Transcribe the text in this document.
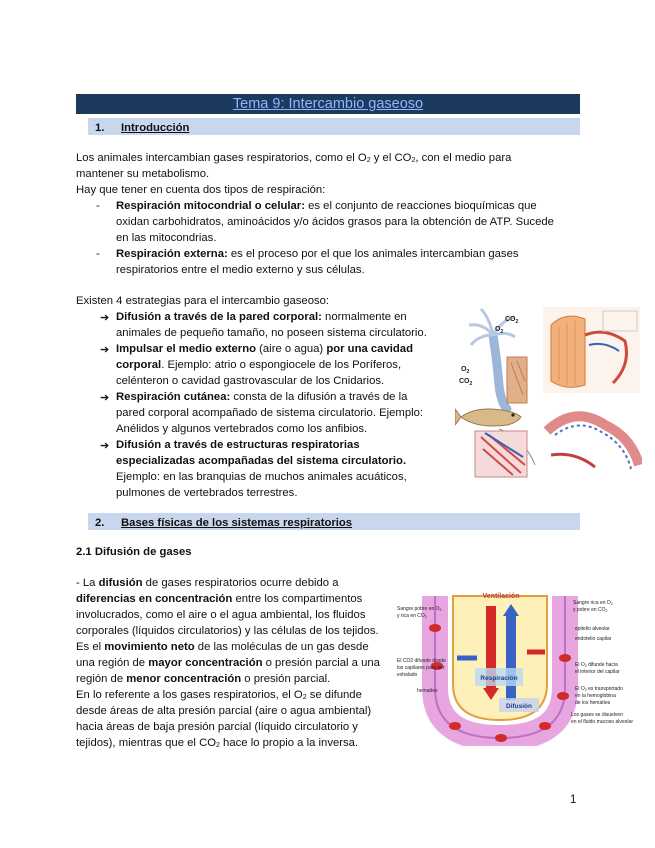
Tema 9: Intercambio gaseoso
1. Introducción
Los animales intercambian gases respiratorios, como el $O_2$ y el $CO_2$, con el medio para
mantener su metabolismo.
Hay que tener en cuenta dos tipos de respiración:
- Respiración mitocondrial o celular: es el conjunto de reacciones bioquímicas que
oxidan carbohidratos, aminoácidos y/o ácidos grasos para la obtención de ATP. Sucede
en las mitocondrias.
- Respiración externa: es el proceso por el que los animales intercambian gases
respiratorios entre el medio externo y sus células.
Existen 4 estrategias para el intercambio gaseoso:
➔ Difusión a través de la pared corporal: normalmente en
animales de pequeño tamaño, no poseen sistema circulatorio.
➔ Impulsar el medio externo (aire o agua) por una cavidad
corporal. Ejemplo: atrio o espongiocele de los Poríferos,
celénteron o cavidad gastrovascular de los Cnidarios.
➔ Respiración cutánea: consta de la difusión a través de la
pared corporal acompañado de sistema circulatorio. Ejemplo:
Anélidos y algunos vertebrados como los anfibios.
➔ Difusión a través de estructuras respiratorias
especializadas acompañadas del sistema circulatorio.
Ejemplo: en las branquias de muchos animales acuáticos,
pulmones de vertebrados terrestres.
$CO_2$
$O_2$
$O_2$
$CO_2$
2. Bases físicas de los sistemas respiratorios
2.1 Difusión de gases
- La difusión de gases respiratorios ocurre debido a
diferencias en concentración entre los compartimentos
involucrados, como el aire o el agua ambiental, los fluidos
corporales (líquidos circulatorios) y las células de los tejidos.
Es el movimiento neto de las moléculas de un gas desde
una región de mayor concentración o presión parcial a una
región de menor concentración o presión parcial.
En lo referente a los gases respiratorios, el $O_2$ se difunde
desde áreas de alta presión parcial (aire o agua ambiental)
hacia áreas de baja presión parcial (líquido circulatorio y
tejidos), mientras que el $CO_2$ hace lo propio a la inversa.
Respiración
Difusión
Ventilación
Sangre pobre en $O_2$
y rica en $CO_2$
El CO2 difunde desde
los capilares para ser
exhalado
hematíes
Sangre rica en $O_2$
y pobre en $CO_2$
epitelio alveolar
endotelio capilar
El $O_2$ difunde hacia
el interior del capilar
El $O_2$ es transportado
en la hemoglobina
de los hematíes
Los gases se disuelven
en el fluido mucoso alveolar
1
